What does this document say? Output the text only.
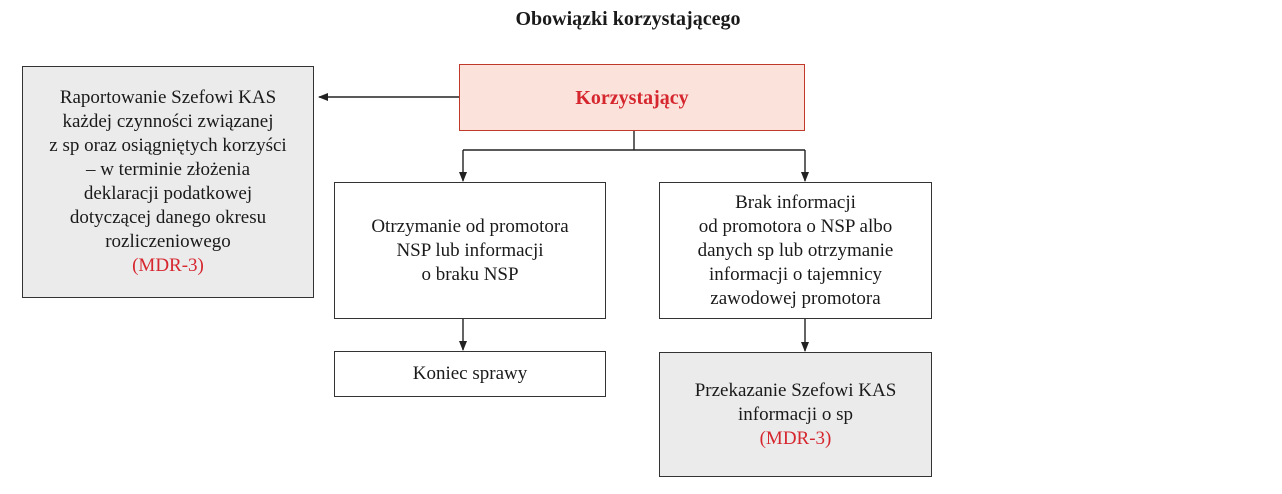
Obowiązki korzystającego
Korzystający
Raportowanie Szefowi KAS
każdej czynności związanej
z sp oraz osiągniętych korzyści
– w terminie złożenia
deklaracji podatkowej
dotyczącej danego okresu
rozliczeniowego
(MDR-3)
Otrzymanie od promotora
NSP lub informacji
o braku NSP
Brak informacji
od promotora o NSP albo
danych sp lub otrzymanie
informacji o tajemnicy
zawodowej promotora
Koniec sprawy
Przekazanie Szefowi KAS
informacji o sp
(MDR-3)
